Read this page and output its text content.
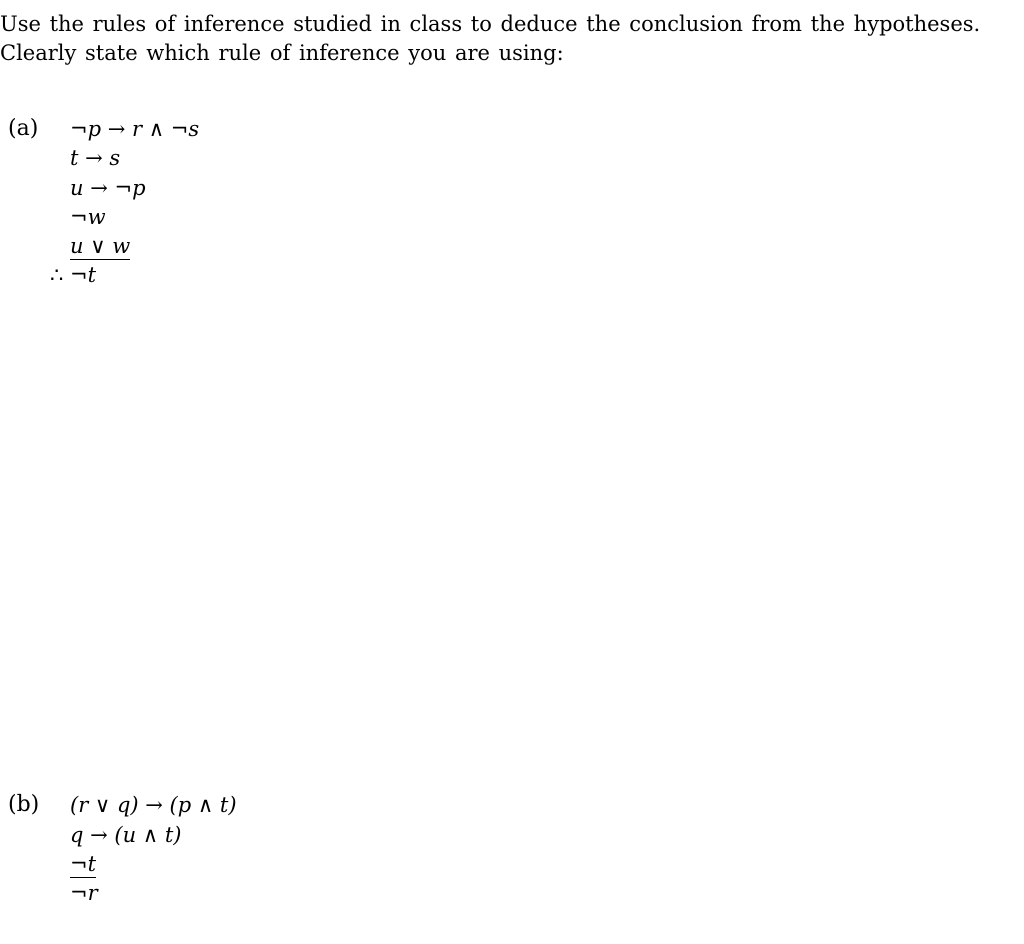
Use the rules of inference studied in class to deduce the conclusion from the hypotheses.
Clearly state which rule of inference you are using:
(a) ¬p → r ∧ ¬s
t → s
u → ¬p
¬w
u ∨ w
∴ ¬t
(b) (r ∨ q) → (p ∧ t)
q → (u ∧ t)
¬t
¬r
